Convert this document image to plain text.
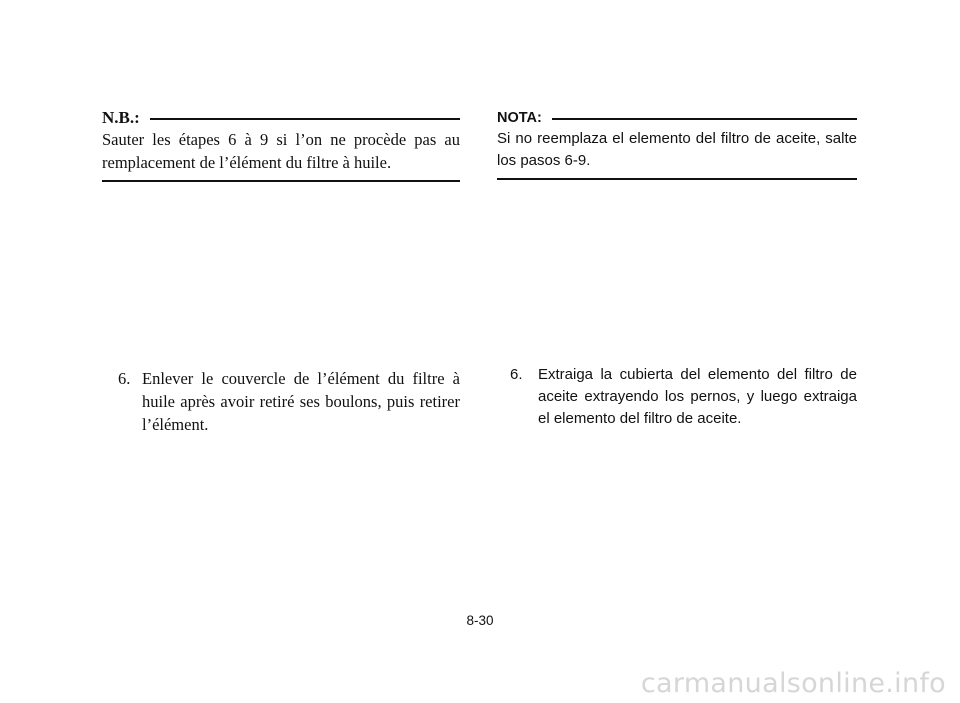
N.B.:
Sauter les étapes 6 à 9 si l’on ne procède pas au remplacement de l’élément du filtre à huile.
NOTA:
Si no reemplaza el elemento del filtro de aceite, salte los pasos 6-9.
6. Enlever le couvercle de l’élément du filtre à huile après avoir retiré ses boulons, puis retirer l’élément.
6.	Extraiga la cubierta del elemento del filtro de aceite extrayendo los pernos, y luego extraiga el elemento del filtro de aceite.
8-30
carmanualsonline.info
